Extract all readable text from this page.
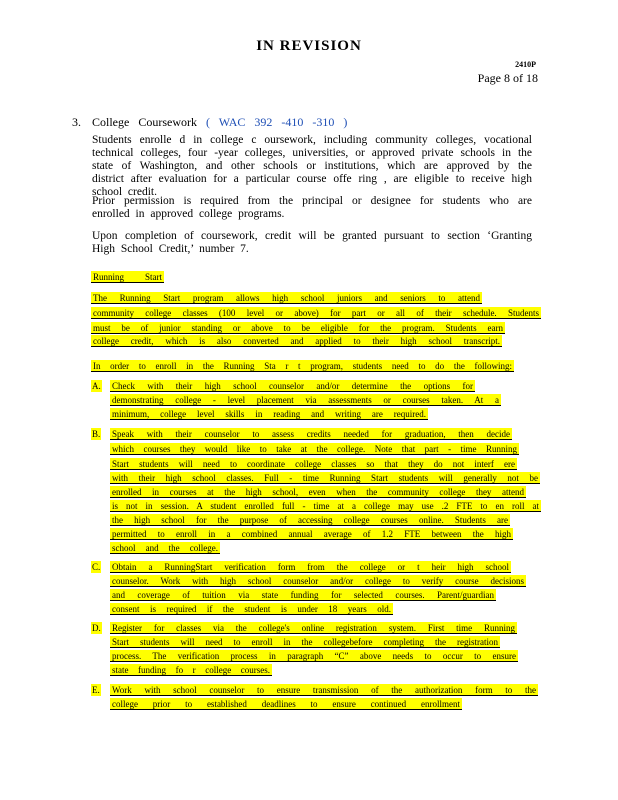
IN REVISION
2410P
Page 8 of 18
3. College Coursework ( WAC 392 -410 -310 )
Students enrolle d in college c oursework, including community colleges, vocational technical colleges, four -year colleges, universities, or approved private schools in the state of Washington, and other schools or institutions, which are approved by the district after evaluation for a particular course offe ring , are eligible to receive high school credit.
Prior permission is required from the principal or designee for students who are enrolled in approved college programs.
Upon completion of coursework, credit will be granted pursuant to section ‘Granting High School Credit,’ number 7.
Running Start
The Running Start program allows high school juniors and seniors to attend
community college classes (100 level or above) for part or all of their schedule. Students
must be of junior standing or above to be eligible for the program. Students earn
college credit, which is also converted and applied to their high school transcript.
In order to enroll in the Running Sta r t program, students need to do the following:
A. Check with their high school counselor and/or determine the options for
demonstrating college - level placement via assessments or courses taken. At a
minimum, college level skills in reading and writing are required.
B. Speak with their counselor to assess credits needed for graduation, then decide
which courses they would like to take at the college. Note that part - time Running
Start students will need to coordinate college classes so that they do not interf ere
with their high school classes. Full - time Running Start students will generally not be
enrolled in courses at the high school, even when the community college they attend
is not in session. A student enrolled full - time at a college may use .2 FTE to en roll at
the high school for the purpose of accessing college courses online. Students are
permitted to enroll in a combined annual average of 1.2 FTE between the high
school and the college.
C. Obtain a RunningStart verification form from the college or t heir high school
counselor. Work with high school counselor and/or college to verify course decisions
and coverage of tuition via state funding for selected courses. Parent/guardian
consent is required if the student is under 18 years old.
D. Register for classes via the college's online registration system. First time Running
Start students will need to enroll in the collegebefore completing the registration
process. The verification process in paragraph “C” above needs to occur to ensure
state funding fo r college courses.
E. Work with school counselor to ensure transmission of the authorization form to the
college prior to established deadlines to ensure continued enrollment
